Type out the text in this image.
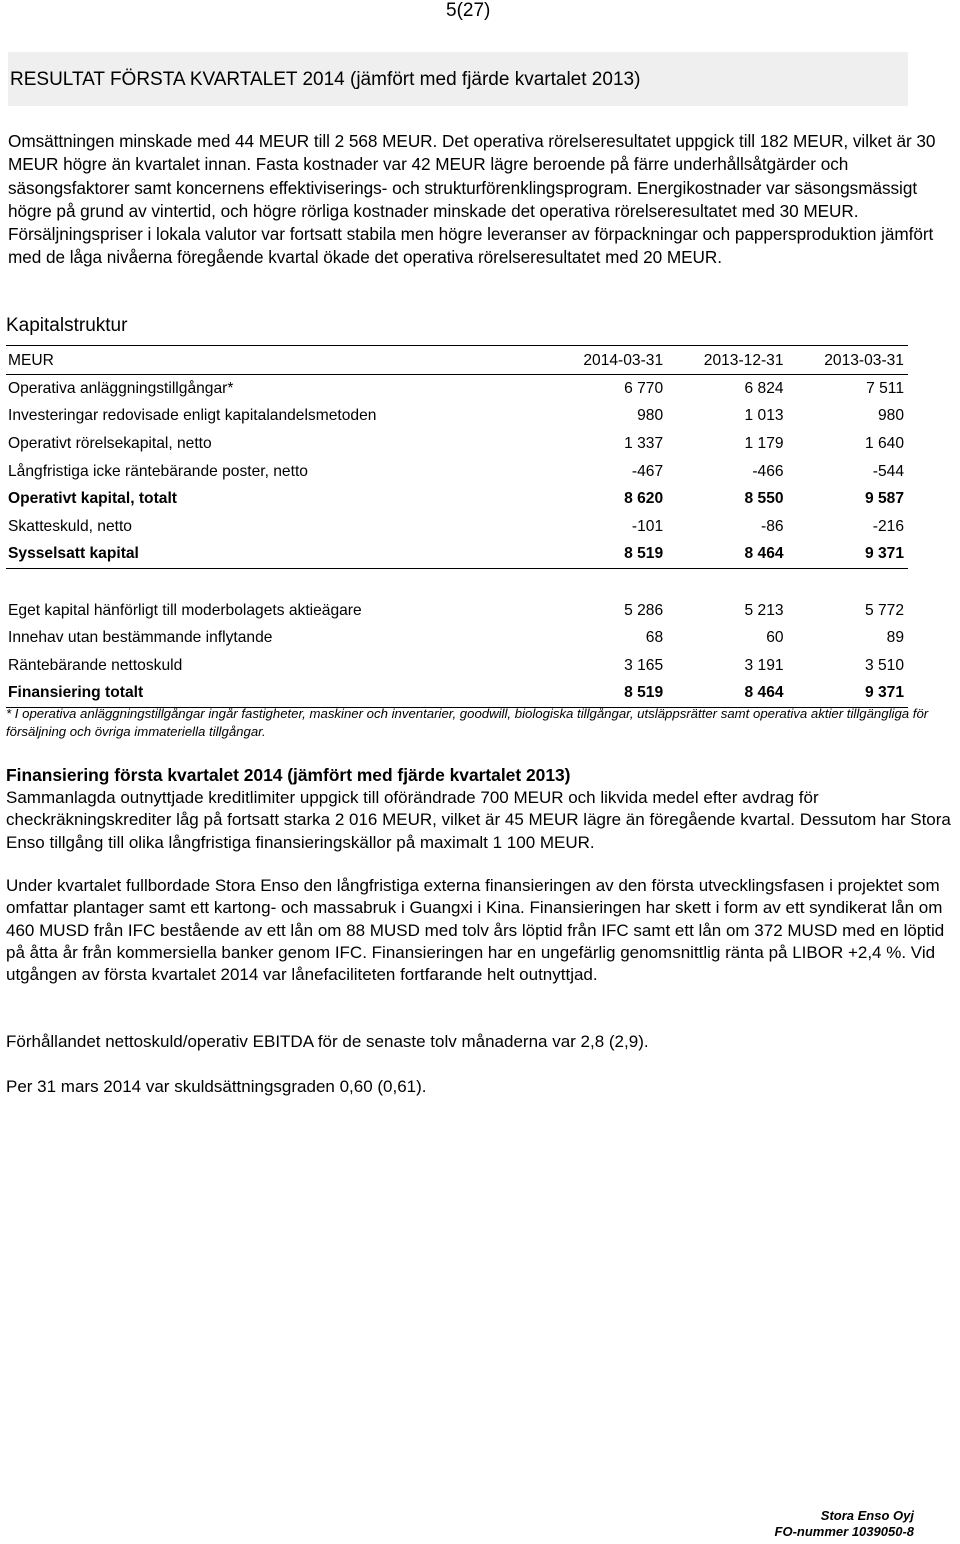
5(27)
RESULTAT FÖRSTA KVARTALET 2014 (jämfört med fjärde kvartalet 2013)

Omsättningen minskade med 44 MEUR till 2 568 MEUR. Det operativa rörelseresultatet uppgick till 182 MEUR, vilket är 30 MEUR högre än kvartalet innan. Fasta kostnader var 42 MEUR lägre beroende på färre underhållsåtgärder och säsongsfaktorer samt koncernens effektiviserings- och strukturförenklingsprogram. Energikostnader var säsongsmässigt högre på grund av vintertid, och högre rörliga kostnader minskade det operativa rörelseresultatet med 30 MEUR. Försäljningspriser i lokala valutor var fortsatt stabila men högre leveranser av förpackningar och pappersproduktion jämfört med de låga nivåerna föregående kvartal ökade det operativa rörelseresultatet med 20 MEUR.

Kapitalstruktur
MEUR	2014-03-31	2013-12-31	2013-03-31
Operativa anläggningstillgångar*	6 770	6 824	7 511
Investeringar redovisade enligt kapitalandelsmetoden	980	1 013	980
Operativt rörelsekapital, netto	1 337	1 179	1 640
Långfristiga icke räntebärande poster, netto	-467	-466	-544
Operativt kapital, totalt	8 620	8 550	9 587
Skatteskuld, netto	-101	-86	-216
Sysselsatt kapital	8 519	8 464	9 371

Eget kapital hänförligt till moderbolagets aktieägare	5 286	5 213	5 772
Innehav utan bestämmande inflytande	68	60	89
Räntebärande nettoskuld	3 165	3 191	3 510
Finansiering totalt	8 519	8 464	9 371

* I operativa anläggningstillgångar ingår fastigheter, maskiner och inventarier, goodwill, biologiska tillgångar, utsläppsrätter samt operativa aktier tillgängliga för försäljning och övriga immateriella tillgångar.

Finansiering första kvartalet 2014 (jämfört med fjärde kvartalet 2013)

Sammanlagda outnyttjade kreditlimiter uppgick till oförändrade 700 MEUR och likvida medel efter avdrag för checkräkningskrediter låg på fortsatt starka 2 016 MEUR, vilket är 45 MEUR lägre än föregående kvartal. Dessutom har Stora Enso tillgång till olika långfristiga finansieringskällor på maximalt 1 100 MEUR.

Under kvartalet fullbordade Stora Enso den långfristiga externa finansieringen av den första utvecklingsfasen i projektet som omfattar plantager samt ett kartong- och massabruk i Guangxi i Kina. Finansieringen har skett i form av ett syndikerat lån om 460 MUSD från IFC bestående av ett lån om 88 MUSD med tolv års löptid från IFC samt ett lån om 372 MUSD med en löptid på åtta år från kommersiella banker genom IFC. Finansieringen har en ungefärlig genomsnittlig ränta på LIBOR +2,4 %. Vid utgången av första kvartalet 2014 var lånefaciliteten fortfarande helt outnyttjad.

Förhållandet nettoskuld/operativ EBITDA för de senaste tolv månaderna var 2,8 (2,9).

Per 31 mars 2014 var skuldsättningsgraden 0,60 (0,61).

Stora Enso Oyj
FO-nummer 1039050-8
